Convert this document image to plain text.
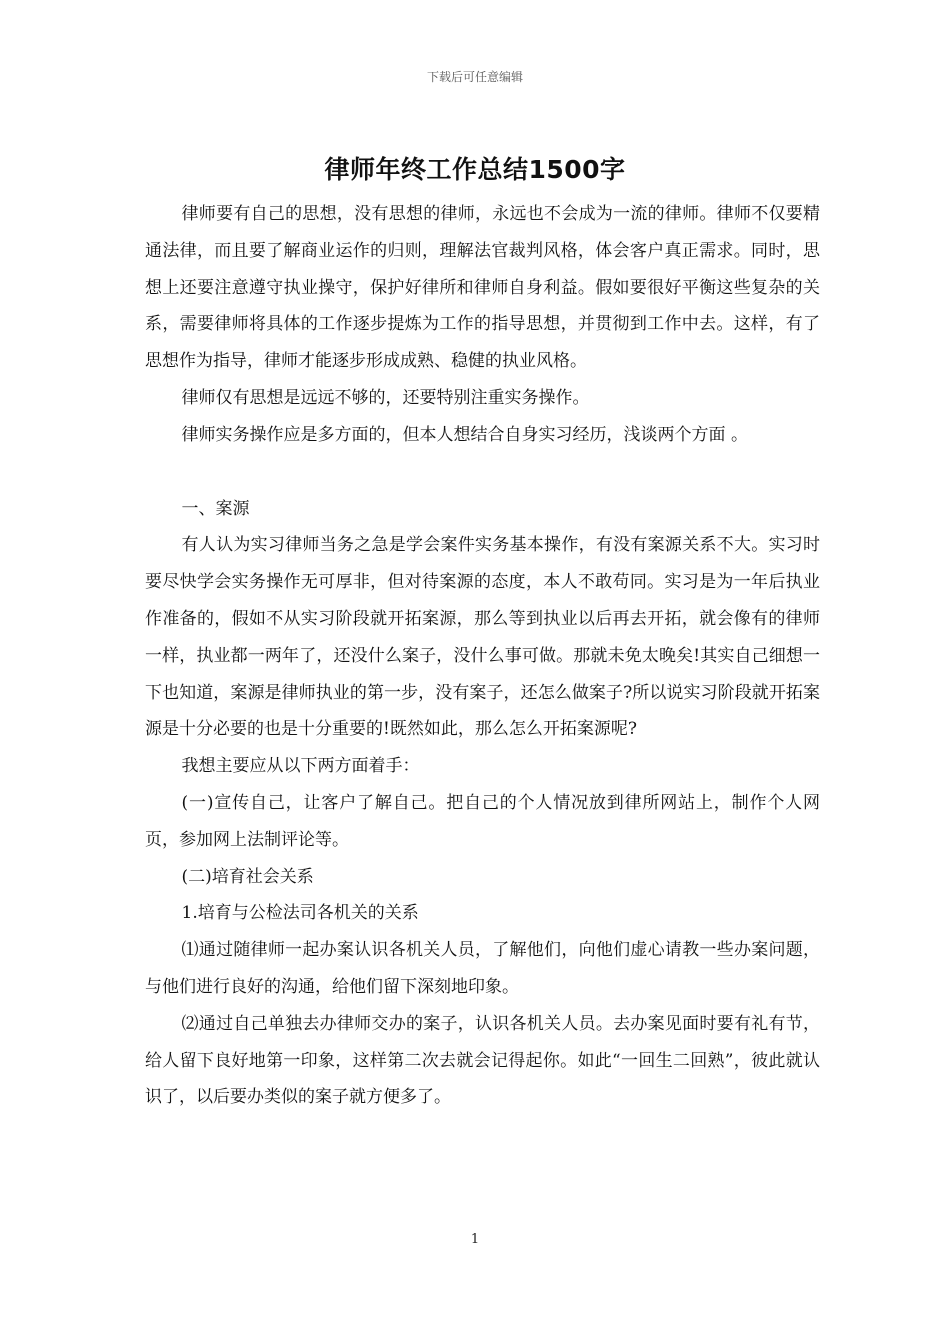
下载后可任意编辑
律师年终工作总结1500字

律师要有自己的思想，没有思想的律师，永远也不会成为一流的律师。律师不仅要精通法律，而且要了解商业运作的归则，理解法官裁判风格，体会客户真正需求。同时，思想上还要注意遵守执业操守，保护好律所和律师自身利益。假如要很好平衡这些复杂的关系，需要律师将具体的工作逐步提炼为工作的指导思想，并贯彻到工作中去。这样，有了思想作为指导，律师才能逐步形成成熟、稳健的执业风格。

律师仅有思想是远远不够的，还要特别注重实务操作。

律师实务操作应是多方面的，但本人想结合自身实习经历，浅谈两个方面 。

一、案源

有人认为实习律师当务之急是学会案件实务基本操作，有没有案源关系不大。实习时要尽快学会实务操作无可厚非，但对待案源的态度，本人不敢苟同。实习是为一年后执业作准备的，假如不从实习阶段就开拓案源，那么等到执业以后再去开拓，就会像有的律师一样，执业都一两年了，还没什么案子，没什么事可做。那就未免太晚矣!其实自己细想一下也知道，案源是律师执业的第一步，没有案子，还怎么做案子?所以说实习阶段就开拓案源是十分必要的也是十分重要的!既然如此，那么怎么开拓案源呢?

我想主要应从以下两方面着手：

(一)宣传自己，让客户了解自己。把自己的个人情况放到律所网站上，制作个人网页，参加网上法制评论等。

(二)培育社会关系

1.培育与公检法司各机关的关系

⑴通过随律师一起办案认识各机关人员，了解他们，向他们虚心请教一些办案问题，与他们进行良好的沟通，给他们留下深刻地印象。

⑵通过自己单独去办律师交办的案子，认识各机关人员。去办案见面时要有礼有节，给人留下良好地第一印象，这样第二次去就会记得起你。如此“一回生二回熟”，彼此就认识了，以后要办类似的案子就方便多了。

1
